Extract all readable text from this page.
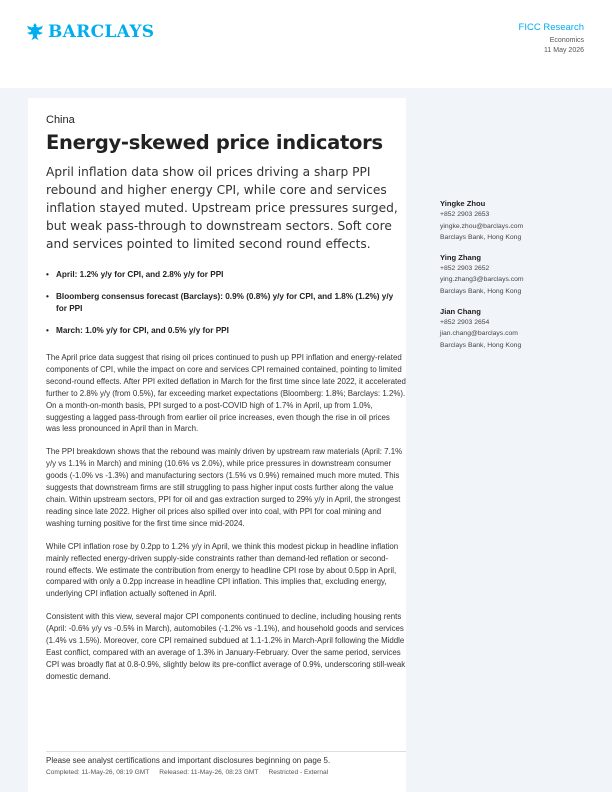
BARCLAYS	FICC Research
Economics
11 May 2026
China
Energy-skewed price indicators
April inflation data show oil prices driving a sharp PPI rebound and higher energy CPI, while core and services inflation stayed muted. Upstream price pressures surged, but weak pass-through to downstream sectors. Soft core and services pointed to limited second round effects.
• April: 1.2% y/y for CPI, and 2.8% y/y for PPI
• Bloomberg consensus forecast (Barclays): 0.9% (0.8%) y/y for CPI, and 1.8% (1.2%) y/y for PPI
• March: 1.0% y/y for CPI, and 0.5% y/y for PPI

The April price data suggest that rising oil prices continued to push up PPI inflation and energy-related components of CPI, while the impact on core and services CPI remained contained, pointing to limited second-round effects. After PPI exited deflation in March for the first time since late 2022, it accelerated further to 2.8% y/y (from 0.5%), far exceeding market expectations (Bloomberg: 1.8%; Barclays: 1.2%). On a month-on-month basis, PPI surged to a post-COVID high of 1.7% in April, up from 1.0%, suggesting a lagged pass-through from earlier oil price increases, even though the rise in oil prices was less pronounced in April than in March.

The PPI breakdown shows that the rebound was mainly driven by upstream raw materials (April: 7.1% y/y vs 1.1% in March) and mining (10.6% vs 2.0%), while price pressures in downstream consumer goods (-1.0% vs -1.3%) and manufacturing sectors (1.5% vs 0.9%) remained much more muted. This suggests that downstream firms are still struggling to pass higher input costs further along the value chain. Within upstream sectors, PPI for oil and gas extraction surged to 29% y/y in April, the strongest reading since late 2022. Higher oil prices also spilled over into coal, with PPI for coal mining and washing turning positive for the first time since mid-2024.

While CPI inflation rose by 0.2pp to 1.2% y/y in April, we think this modest pickup in headline inflation mainly reflected energy-driven supply-side constraints rather than demand-led reflation or second-round effects. We estimate the contribution from energy to headline CPI rose by about 0.5pp in April, compared with only a 0.2pp increase in headline CPI inflation. This implies that, excluding energy, underlying CPI inflation actually softened in April.

Consistent with this view, several major CPI components continued to decline, including housing rents (April: -0.6% y/y vs -0.5% in March), automobiles (-1.2% vs -1.1%), and household goods and services (1.4% vs 1.5%). Moreover, core CPI remained subdued at 1.1-1.2% in March-April following the Middle East conflict, compared with an average of 1.3% in January-February. Over the same period, services CPI was broadly flat at 0.8-0.9%, slightly below its pre-conflict average of 0.9%, underscoring still-weak domestic demand.

Yingke Zhou
+852 2903 2653
yingke.zhou@barclays.com
Barclays Bank, Hong Kong
Ying Zhang
+852 2903 2652
ying.zhang3@barclays.com
Barclays Bank, Hong Kong
Jian Chang
+852 2903 2654
jian.chang@barclays.com
Barclays Bank, Hong Kong
Please see analyst certifications and important disclosures beginning on page 5.
Completed: 11-May-26, 08:19 GMT Released: 11-May-26, 08:23 GMT Restricted - External
